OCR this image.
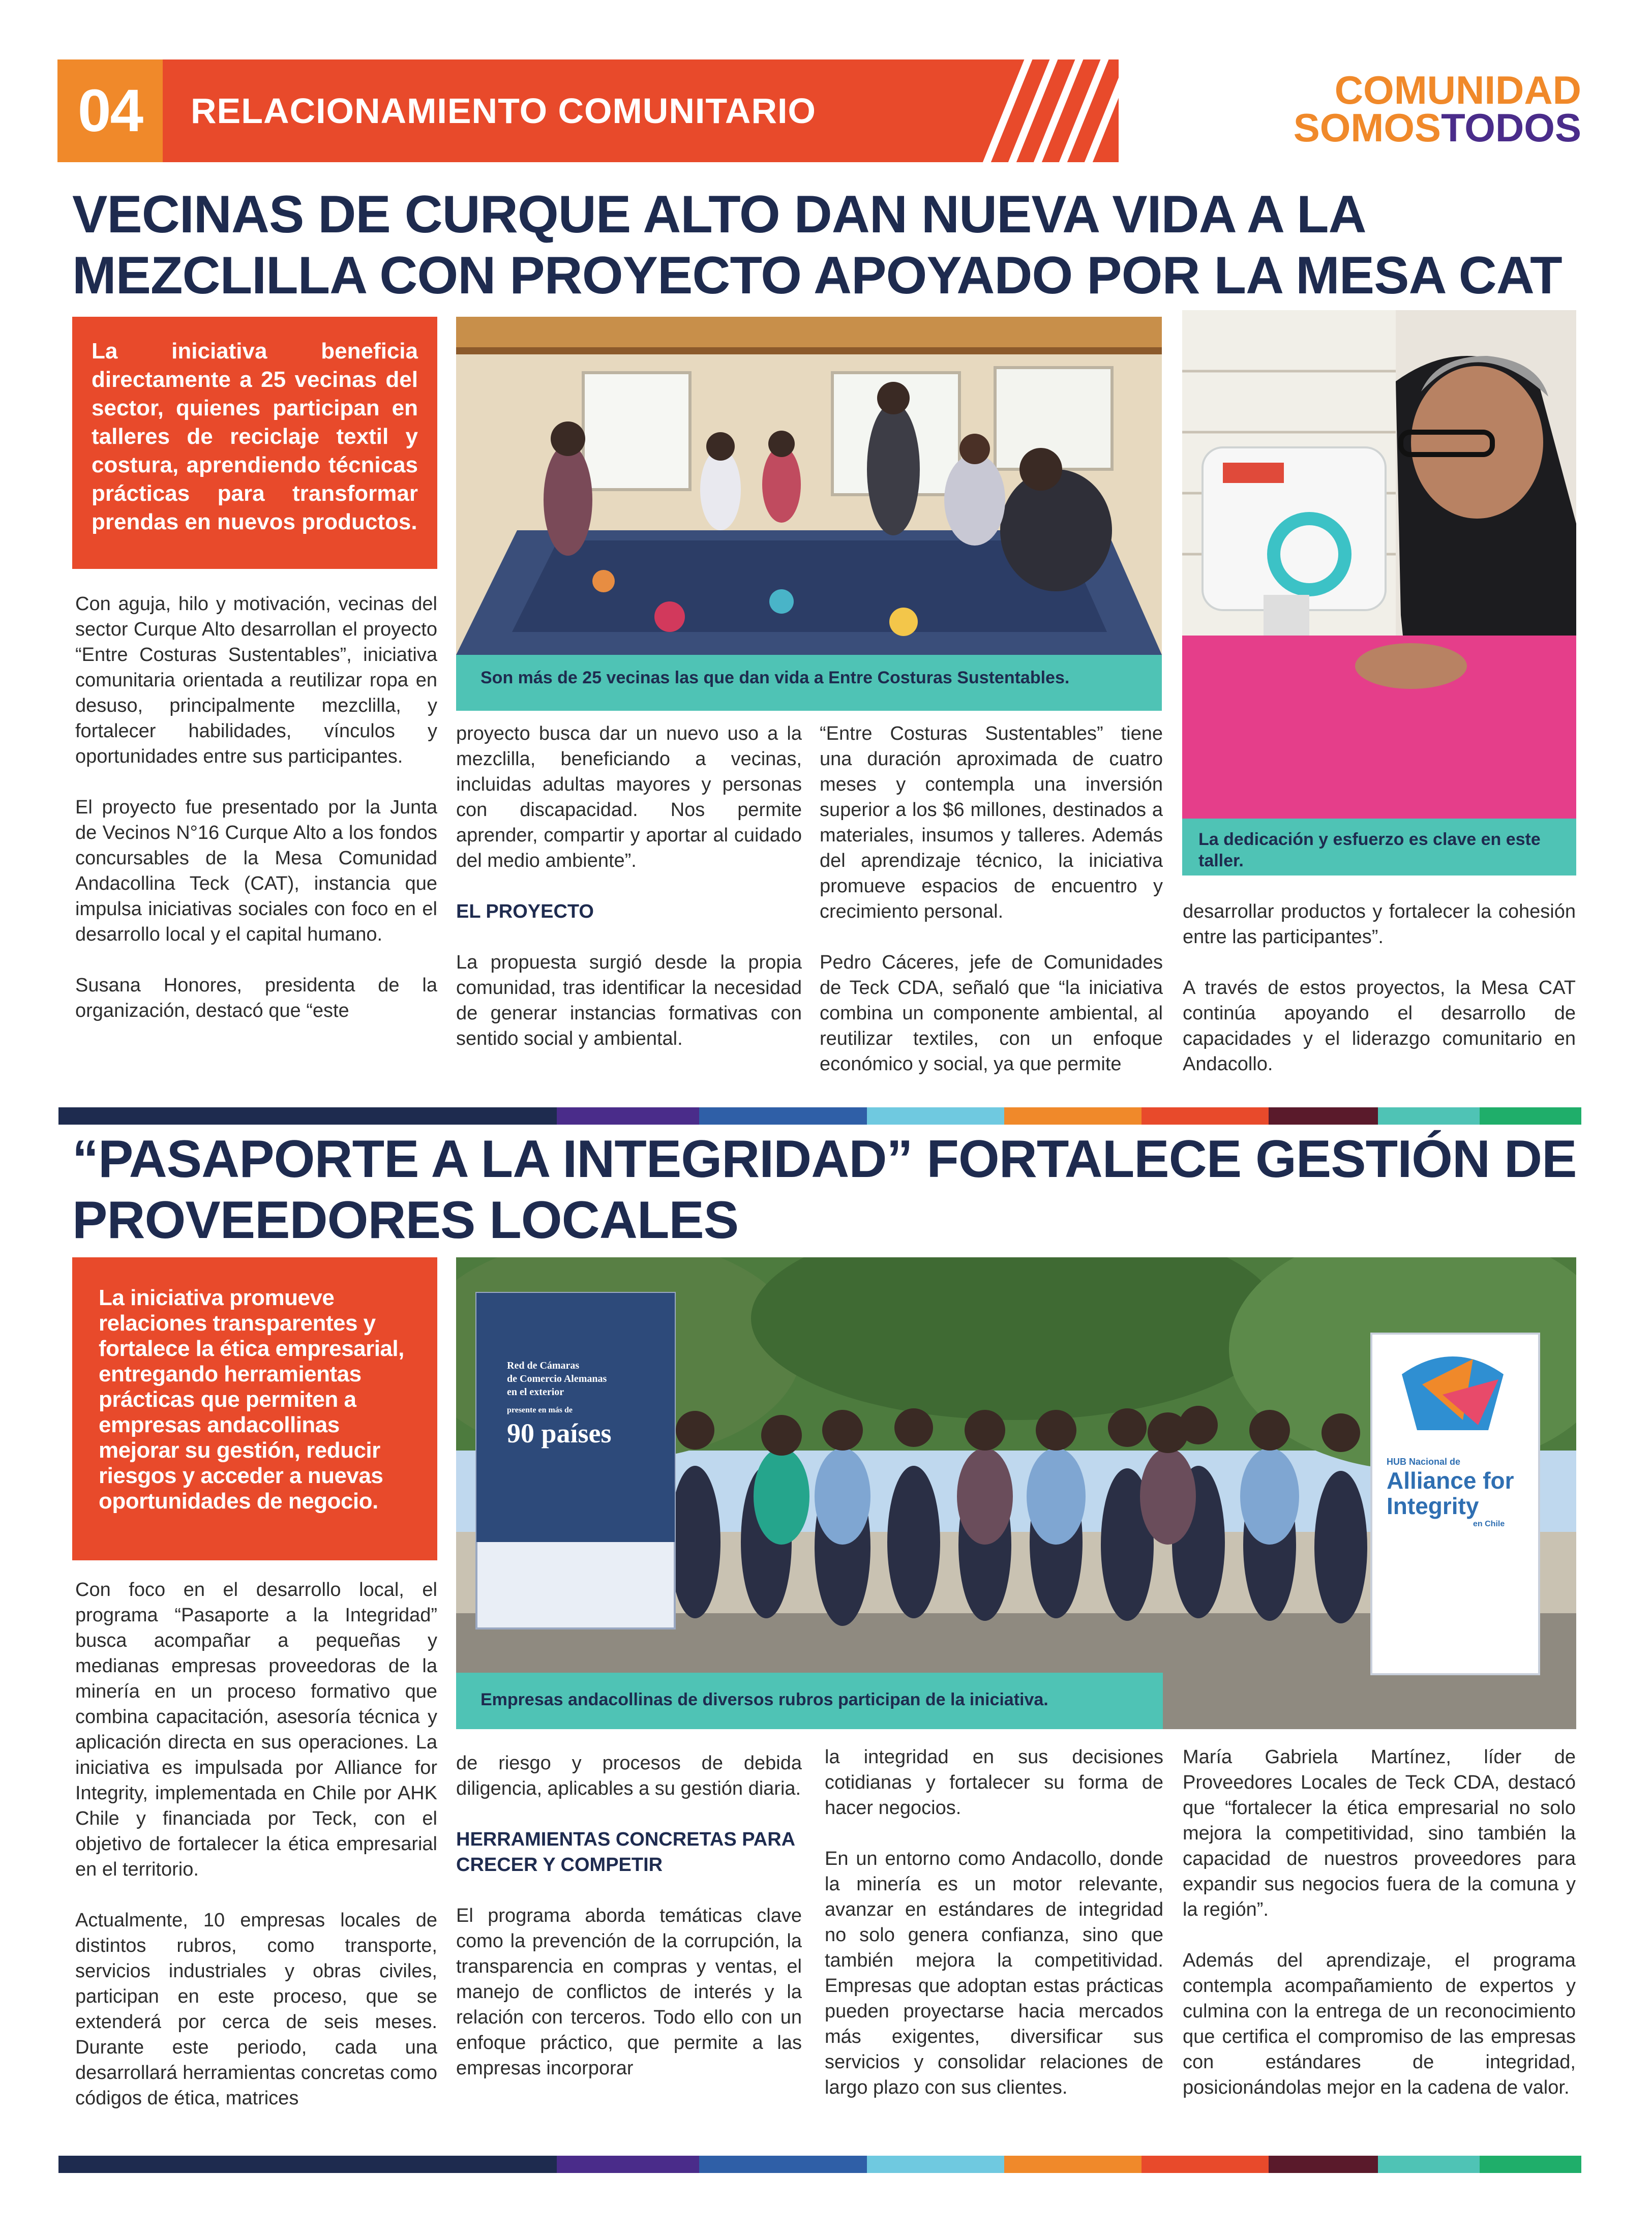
04	RELACIONAMIENTO COMUNITARIO	COMUNIDAD
SOMOSTODOS
VECINAS DE CURQUE ALTO DAN NUEVA VIDA A LA
MEZCLILLA CON PROYECTO APOYADO POR LA MESA CAT
La iniciativa beneficia directamente a 25 vecinas del sector, quienes participan en talleres de reciclaje textil y costura, aprendiendo técnicas prácticas para transformar prendas en nuevos productos.
Son más de 25 vecinas las que dan vida a Entre Costuras Sustentables.
La dedicación y esfuerzo es clave en este taller.

Con aguja, hilo y motivación, vecinas del sector Curque Alto desarrollan el proyecto “Entre Costuras Sustentables”, iniciativa comunitaria orientada a reutilizar ropa en desuso, principalmente mezclilla, y fortalecer habilidades, vínculos y oportunidades entre sus participantes.

El proyecto fue presentado por la Junta de Vecinos N°16 Curque Alto a los fondos concursables de la Mesa Comunidad Andacollina Teck (CAT), instancia que impulsa iniciativas sociales con foco en el desarrollo local y el capital humano.

Susana Honores, presidenta de la organización, destacó que “este

proyecto busca dar un nuevo uso a la mezclilla, beneficiando a vecinas, incluidas adultas mayores y personas con discapacidad. Nos permite aprender, compartir y aportar al cuidado del medio ambiente”.

EL PROYECTO

La propuesta surgió desde la propia comunidad, tras identificar la necesidad de generar instancias formativas con sentido social y ambiental.

“Entre Costuras Sustentables” tiene una duración aproximada de cuatro meses y contempla una inversión superior a los $6 millones, destinados a materiales, insumos y talleres. Además del aprendizaje técnico, la iniciativa promueve espacios de encuentro y crecimiento personal.

Pedro Cáceres, jefe de Comunidades de Teck CDA, señaló que “la iniciativa combina un componente ambiental, al reutilizar textiles, con un enfoque económico y social, ya que permite

desarrollar productos y fortalecer la cohesión entre las participantes”.

A través de estos proyectos, la Mesa CAT continúa apoyando el desarrollo de capacidades y el liderazgo comunitario en Andacollo.

“PASAPORTE A LA INTEGRIDAD” FORTALECE GESTIÓN DE
PROVEEDORES LOCALES
La iniciativa promueve relaciones transparentes y fortalece la ética empresarial, entregando herramientas prácticas que permiten a empresas andacollinas mejorar su gestión, reducir riesgos y acceder a nuevas oportunidades de negocio.
Red de Cámaras
de Comercio Alemanas
en el exterior
presente en más de
90 países
HUB Nacional de
Alliance for
Integrity
en Chile
Empresas andacollinas de diversos rubros participan de la iniciativa.

Con foco en el desarrollo local, el programa “Pasaporte a la Integridad” busca acompañar a pequeñas y medianas empresas proveedoras de la minería en un proceso formativo que combina capacitación, asesoría técnica y aplicación directa en sus operaciones. La iniciativa es impulsada por Alliance for Integrity, implementada en Chile por AHK Chile y financiada por Teck, con el objetivo de fortalecer la ética empresarial en el territorio.

Actualmente, 10 empresas locales de distintos rubros, como transporte, servicios industriales y obras civiles, participan en este proceso, que se extenderá por cerca de seis meses. Durante este periodo, cada una desarrollará herramientas concretas como códigos de ética, matrices

de riesgo y procesos de debida diligencia, aplicables a su gestión diaria.

HERRAMIENTAS CONCRETAS PARA CRECER Y COMPETIR

El programa aborda temáticas clave como la prevención de la corrupción, la transparencia en compras y ventas, el manejo de conflictos de interés y la relación con terceros. Todo ello con un enfoque práctico, que permite a las empresas incorporar

la integridad en sus decisiones cotidianas y fortalecer su forma de hacer negocios.

En un entorno como Andacollo, donde la minería es un motor relevante, avanzar en estándares de integridad no solo genera confianza, sino que también mejora la competitividad. Empresas que adoptan estas prácticas pueden proyectarse hacia mercados más exigentes, diversificar sus servicios y consolidar relaciones de largo plazo con sus clientes.

María Gabriela Martínez, líder de Proveedores Locales de Teck CDA, destacó que “fortalecer la ética empresarial no solo mejora la competitividad, sino también la capacidad de nuestros proveedores para expandir sus negocios fuera de la comuna y la región”.

Además del aprendizaje, el programa contempla acompañamiento de expertos y culmina con la entrega de un reconocimiento que certifica el compromiso de las empresas con estándares de integridad, posicionándolas mejor en la cadena de valor.
